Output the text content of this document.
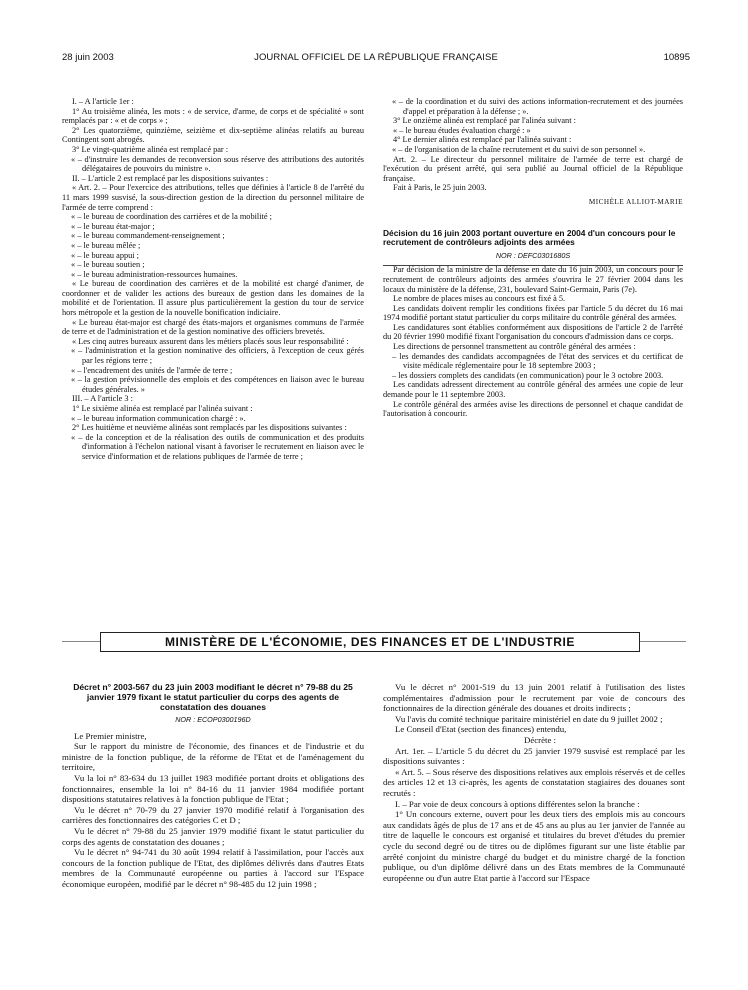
28 juin 2003	JOURNAL OFFICIEL DE LA RÉPUBLIQUE FRANÇAISE	10895

I. – A l'article 1er :

1° Au troisième alinéa, les mots : « de service, d'arme, de corps et de spécialité » sont remplacés par : « et de corps » ;

2° Les quatorzième, quinzième, seizième et dix-septième alinéas relatifs au bureau Contingent sont abrogés.

3° Le vingt-quatrième alinéa est remplacé par :

« – d'instruire les demandes de reconversion sous réserve des attributions des autorités délégataires de pouvoirs du ministre ».

II. – L'article 2 est remplacé par les dispositions suivantes :

« Art. 2. – Pour l'exercice des attributions, telles que définies à l'article 8 de l'arrêté du 11 mars 1999 susvisé, la sous-direction gestion de la direction du personnel militaire de l'armée de terre comprend :

« – le bureau de coordination des carrières et de la mobilité ;

« – le bureau état-major ;

« – le bureau commandement-renseignement ;

« – le bureau mêlée ;

« – le bureau appui ;

« – le bureau soutien ;

« – le bureau administration-ressources humaines.

« Le bureau de coordination des carrières et de la mobilité est chargé d'animer, de coordonner et de valider les actions des bureaux de gestion dans les domaines de la mobilité et de l'orientation. Il assure plus particulièrement la gestion du tour de service hors métropole et la gestion de la nouvelle bonification indiciaire.

« Le bureau état-major est chargé des états-majors et organismes communs de l'armée de terre et de l'administration et de la gestion nominative des officiers brevetés.

« Les cinq autres bureaux assurent dans les métiers placés sous leur responsabilité :

« – l'administration et la gestion nominative des officiers, à l'exception de ceux gérés par les régions terre ;

« – l'encadrement des unités de l'armée de terre ;

« – la gestion prévisionnelle des emplois et des compétences en liaison avec le bureau études générales. »

III. – A l'article 3 :

1° Le sixième alinéa est remplacé par l'alinéa suivant :

« – le bureau information communication chargé : ».

2° Les huitième et neuvième alinéas sont remplacés par les dispositions suivantes :

« – de la conception et de la réalisation des outils de communication et des produits d'information à l'échelon national visant à favoriser le recrutement en liaison avec le service d'information et de relations publiques de l'armée de terre ;

« – de la coordination et du suivi des actions information-recrutement et des journées d'appel et préparation à la défense ; ».

3° Le onzième alinéa est remplacé par l'alinéa suivant :

« – le bureau études évaluation chargé : »

4° Le dernier alinéa est remplacé par l'alinéa suivant :

« – de l'organisation de la chaîne recrutement et du suivi de son personnel ».

Art. 2. – Le directeur du personnel militaire de l'armée de terre est chargé de l'exécution du présent arrêté, qui sera publié au Journal officiel de la République française.

Fait à Paris, le 25 juin 2003.

MICHÈLE ALLIOT-MARIE

Décision du 16 juin 2003 portant ouverture en 2004 d'un concours pour le recrutement de contrôleurs adjoints des armées

NOR : DEFC0301680S

Par décision de la ministre de la défense en date du 16 juin 2003, un concours pour le recrutement de contrôleurs adjoints des armées s'ouvrira le 27 février 2004 dans les locaux du ministère de la défense, 231, boulevard Saint-Germain, Paris (7e).

Le nombre de places mises au concours est fixé à 5.

Les candidats doivent remplir les conditions fixées par l'article 5 du décret du 16 mai 1974 modifié portant statut particulier du corps militaire du contrôle général des armées.

Les candidatures sont établies conformément aux dispositions de l'article 2 de l'arrêté du 20 février 1990 modifié fixant l'organisation du concours d'admission dans ce corps.

Les directions de personnel transmettent au contrôle général des armées :

– les demandes des candidats accompagnées de l'état des services et du certificat de visite médicale réglementaire pour le 18 septembre 2003 ;

– les dossiers complets des candidats (en communication) pour le 3 octobre 2003.

Les candidats adressent directement au contrôle général des armées une copie de leur demande pour le 11 septembre 2003.

Le contrôle général des armées avise les directions de personnel et chaque candidat de l'autorisation à concourir.

MINISTÈRE DE L'ÉCONOMIE, DES FINANCES ET DE L'INDUSTRIE

Décret n° 2003-567 du 23 juin 2003 modifiant le décret n° 79-88 du 25 janvier 1979 fixant le statut particulier du corps des agents de constatation des douanes

NOR : ECOP0300196D

Le Premier ministre,

Sur le rapport du ministre de l'économie, des finances et de l'industrie et du ministre de la fonction publique, de la réforme de l'Etat et de l'aménagement du territoire,

Vu la loi n° 83-634 du 13 juillet 1983 modifiée portant droits et obligations des fonctionnaires, ensemble la loi n° 84-16 du 11 janvier 1984 modifiée portant dispositions statutaires relatives à la fonction publique de l'Etat ;

Vu le décret n° 70-79 du 27 janvier 1970 modifié relatif à l'organisation des carrières des fonctionnaires des catégories C et D ;

Vu le décret n° 79-88 du 25 janvier 1979 modifié fixant le statut particulier du corps des agents de constatation des douanes ;

Vu le décret n° 94-741 du 30 août 1994 relatif à l'assimilation, pour l'accès aux concours de la fonction publique de l'Etat, des diplômes délivrés dans d'autres Etats membres de la Communauté européenne ou parties à l'accord sur l'Espace économique européen, modifié par le décret n° 98-485 du 12 juin 1998 ;

Vu le décret n° 2001-519 du 13 juin 2001 relatif à l'utilisation des listes complémentaires d'admission pour le recrutement par voie de concours des fonctionnaires de la direction générale des douanes et droits indirects ;

Vu l'avis du comité technique paritaire ministériel en date du 9 juillet 2002 ;

Le Conseil d'Etat (section des finances) entendu,

Décrète :

Art. 1er. – L'article 5 du décret du 25 janvier 1979 susvisé est remplacé par les dispositions suivantes :

« Art. 5. – Sous réserve des dispositions relatives aux emplois réservés et de celles des articles 12 et 13 ci-après, les agents de constatation stagiaires des douanes sont recrutés :

I. – Par voie de deux concours à options différentes selon la branche :

1° Un concours externe, ouvert pour les deux tiers des emplois mis au concours aux candidats âgés de plus de 17 ans et de 45 ans au plus au 1er janvier de l'année au titre de laquelle le concours est organisé et titulaires du brevet d'études du premier cycle du second degré ou de titres ou de diplômes figurant sur une liste établie par arrêté conjoint du ministre chargé du budget et du ministre chargé de la fonction publique, ou d'un diplôme délivré dans un des Etats membres de la Communauté européenne ou d'un autre Etat partie à l'accord sur l'Espace
